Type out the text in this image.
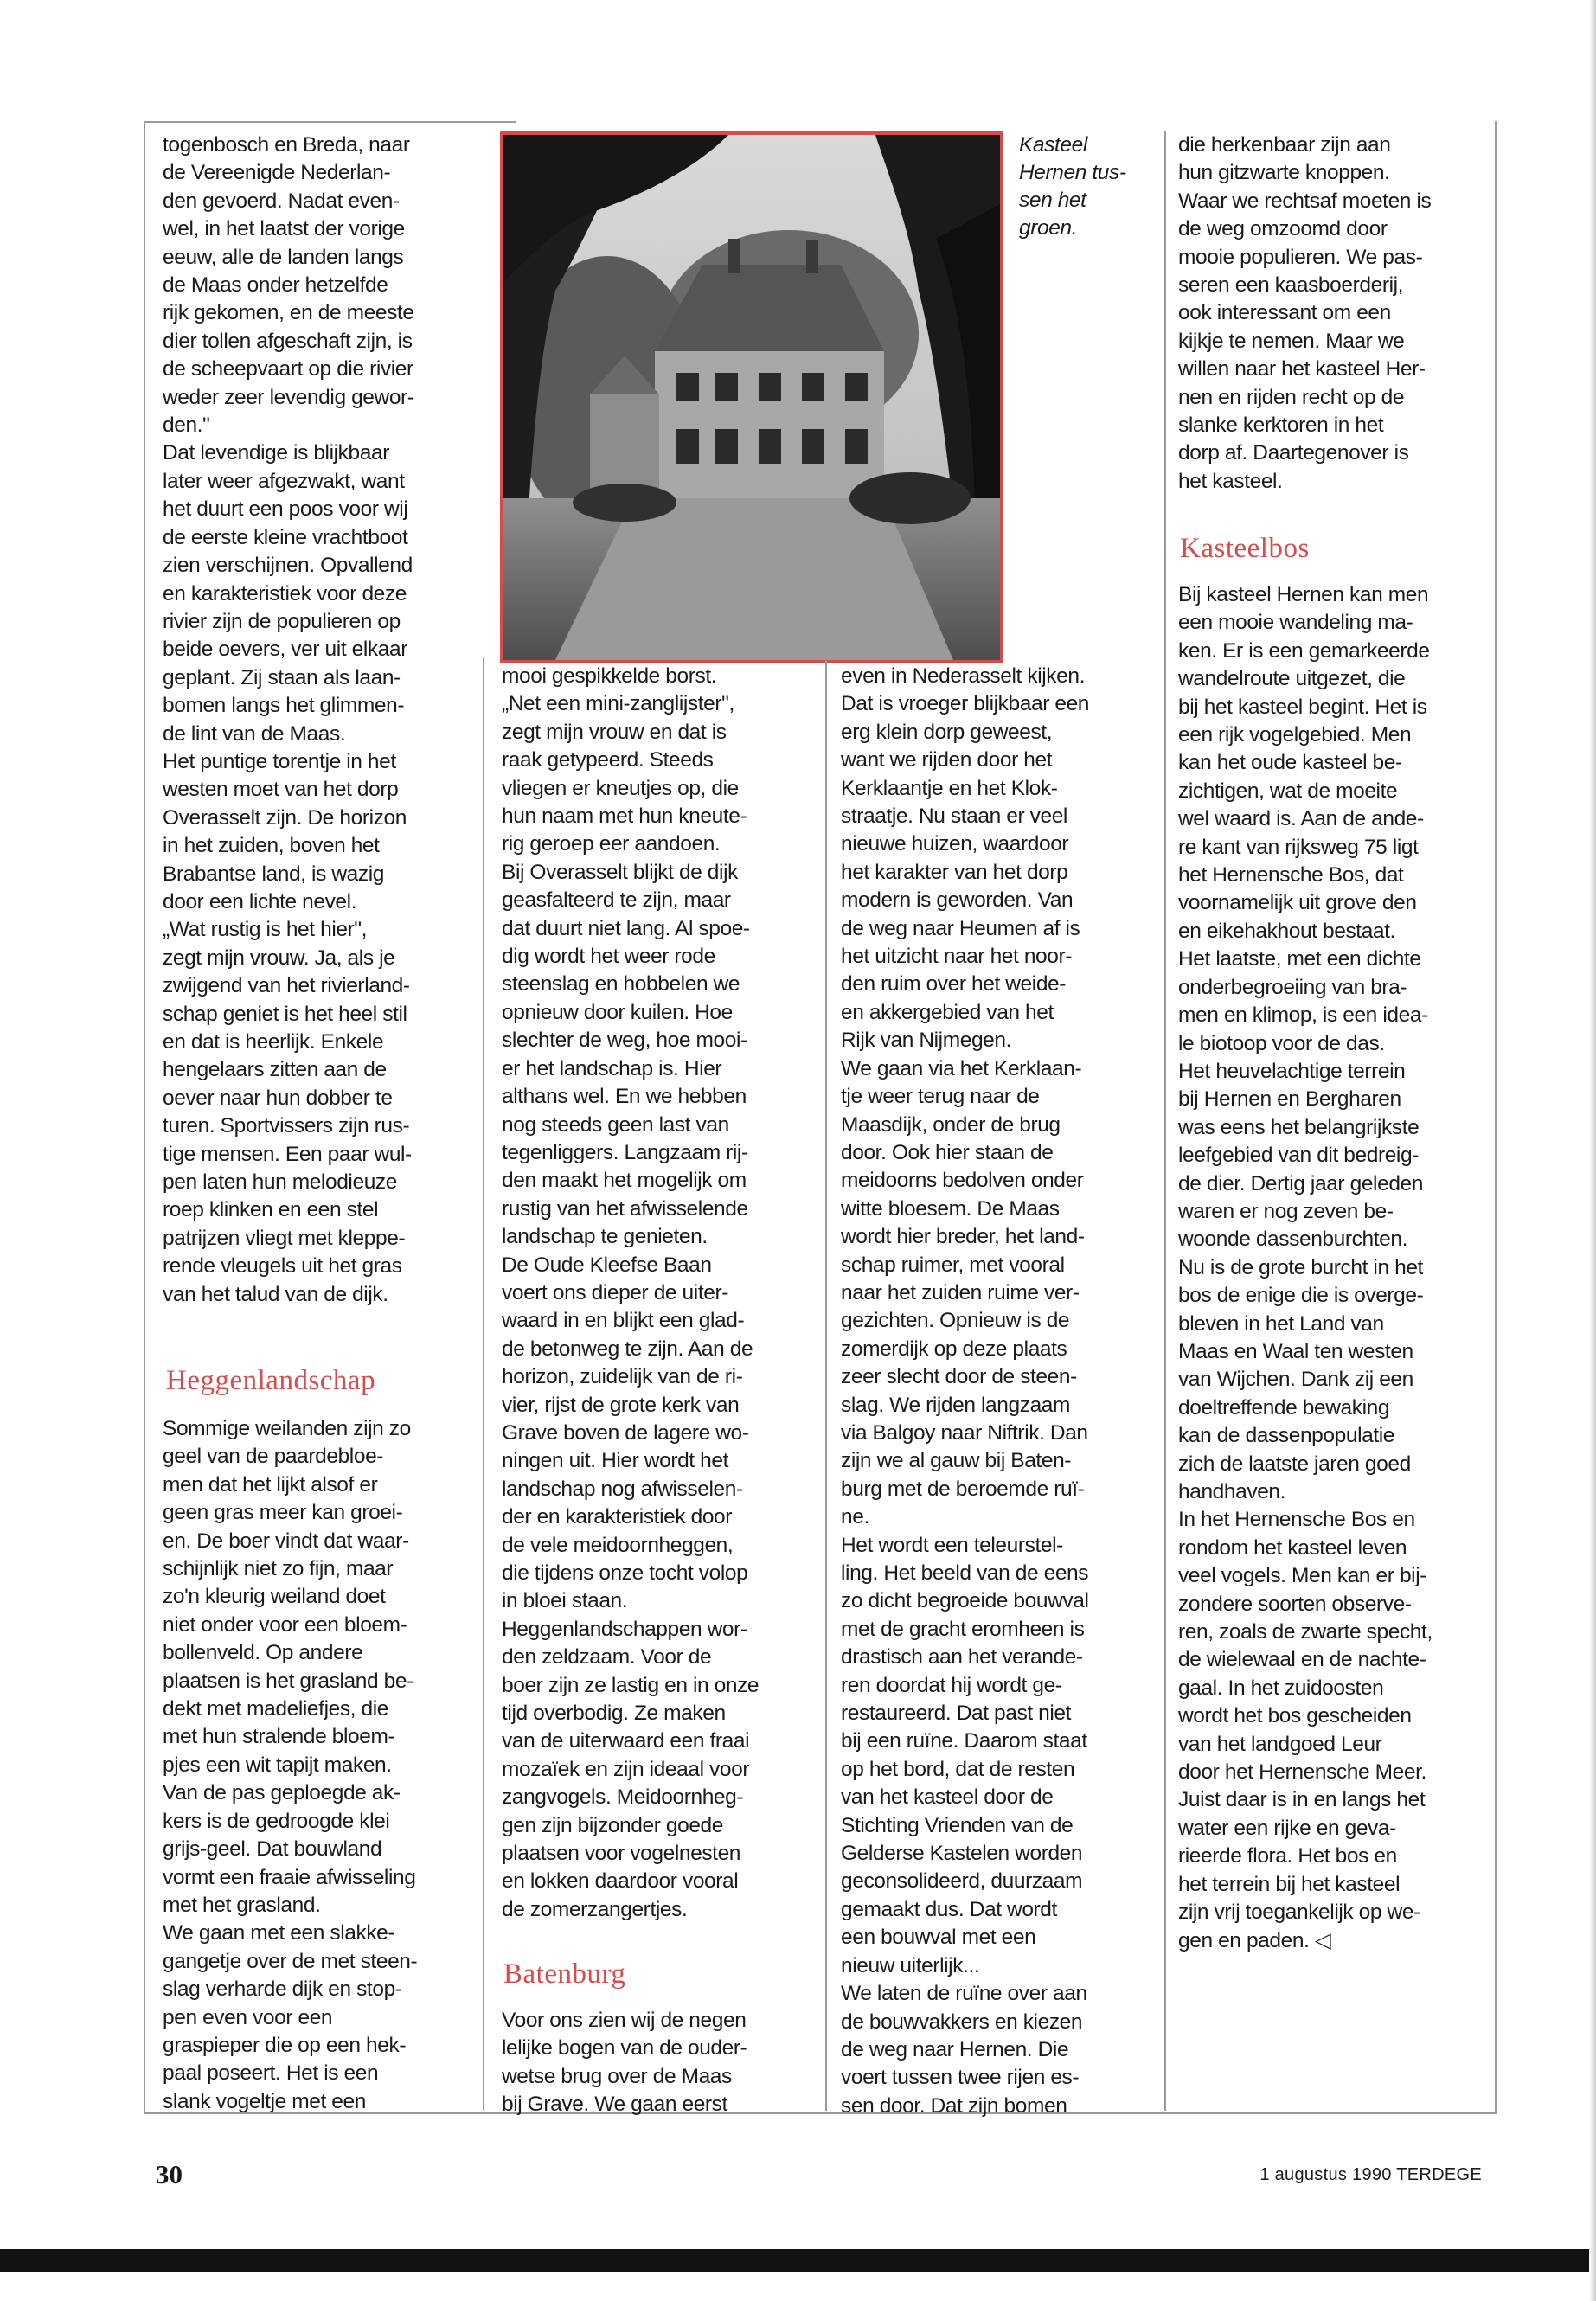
togenbosch en Breda, naar
de Vereenigde Nederlan-
den gevoerd. Nadat even-
wel, in het laatst der vorige
eeuw, alle de landen langs
de Maas onder hetzelfde
rijk gekomen, en de meeste
dier tollen afgeschaft zijn, is
de scheepvaart op die rivier
weder zeer levendig gewor-
den."
Dat levendige is blijkbaar
later weer afgezwakt, want
het duurt een poos voor wij
de eerste kleine vrachtboot
zien verschijnen. Opvallend
en karakteristiek voor deze
rivier zijn de populieren op
beide oevers, ver uit elkaar
geplant. Zij staan als laan-
bomen langs het glimmen-
de lint van de Maas.
Het puntige torentje in het
westen moet van het dorp
Overasselt zijn. De horizon
in het zuiden, boven het
Brabantse land, is wazig
door een lichte nevel.
„Wat rustig is het hier",
zegt mijn vrouw. Ja, als je
zwijgend van het rivierland-
schap geniet is het heel stil
en dat is heerlijk. Enkele
hengelaars zitten aan de
oever naar hun dobber te
turen. Sportvissers zijn rus-
tige mensen. Een paar wul-
pen laten hun melodieuze
roep klinken en een stel
patrijzen vliegt met kleppe-
rende vleugels uit het gras
van het talud van de dijk.
Heggenlandschap
Sommige weilanden zijn zo
geel van de paardebloe-
men dat het lijkt alsof er
geen gras meer kan groei-
en. De boer vindt dat waar-
schijnlijk niet zo fijn, maar
zo'n kleurig weiland doet
niet onder voor een bloem-
bollenveld. Op andere
plaatsen is het grasland be-
dekt met madeliefjes, die
met hun stralende bloem-
pjes een wit tapijt maken.
Van de pas geploegde ak-
kers is de gedroogde klei
grijs-geel. Dat bouwland
vormt een fraaie afwisseling
met het grasland.
We gaan met een slakke-
gangetje over de met steen-
slag verharde dijk en stop-
pen even voor een
graspieper die op een hek-
paal poseert. Het is een
slank vogeltje met een
Kasteel
Hernen tus-
sen het
groen.
mooi gespikkelde borst.
„Net een mini-zanglijster",
zegt mijn vrouw en dat is
raak getypeerd. Steeds
vliegen er kneutjes op, die
hun naam met hun kneute-
rig geroep eer aandoen.
Bij Overasselt blijkt de dijk
geasfalteerd te zijn, maar
dat duurt niet lang. Al spoe-
dig wordt het weer rode
steenslag en hobbelen we
opnieuw door kuilen. Hoe
slechter de weg, hoe mooi-
er het landschap is. Hier
althans wel. En we hebben
nog steeds geen last van
tegenliggers. Langzaam rij-
den maakt het mogelijk om
rustig van het afwisselende
landschap te genieten.
De Oude Kleefse Baan
voert ons dieper de uiter-
waard in en blijkt een glad-
de betonweg te zijn. Aan de
horizon, zuidelijk van de ri-
vier, rijst de grote kerk van
Grave boven de lagere wo-
ningen uit. Hier wordt het
landschap nog afwisselen-
der en karakteristiek door
de vele meidoornheggen,
die tijdens onze tocht volop
in bloei staan.
Heggenlandschappen wor-
den zeldzaam. Voor de
boer zijn ze lastig en in onze
tijd overbodig. Ze maken
van de uiterwaard een fraai
mozaïek en zijn ideaal voor
zangvogels. Meidoornheg-
gen zijn bijzonder goede
plaatsen voor vogelnesten
en lokken daardoor vooral
de zomerzangertjes.
Batenburg
Voor ons zien wij de negen
lelijke bogen van de ouder-
wetse brug over de Maas
bij Grave. We gaan eerst
even in Nederasselt kijken.
Dat is vroeger blijkbaar een
erg klein dorp geweest,
want we rijden door het
Kerklaantje en het Klok-
straatje. Nu staan er veel
nieuwe huizen, waardoor
het karakter van het dorp
modern is geworden. Van
de weg naar Heumen af is
het uitzicht naar het noor-
den ruim over het weide-
en akkergebied van het
Rijk van Nijmegen.
We gaan via het Kerklaan-
tje weer terug naar de
Maasdijk, onder de brug
door. Ook hier staan de
meidoorns bedolven onder
witte bloesem. De Maas
wordt hier breder, het land-
schap ruimer, met vooral
naar het zuiden ruime ver-
gezichten. Opnieuw is de
zomerdijk op deze plaats
zeer slecht door de steen-
slag. We rijden langzaam
via Balgoy naar Niftrik. Dan
zijn we al gauw bij Baten-
burg met de beroemde ruï-
ne.
Het wordt een teleurstel-
ling. Het beeld van de eens
zo dicht begroeide bouwval
met de gracht eromheen is
drastisch aan het verande-
ren doordat hij wordt ge-
restaureerd. Dat past niet
bij een ruïne. Daarom staat
op het bord, dat de resten
van het kasteel door de
Stichting Vrienden van de
Gelderse Kastelen worden
geconsolideerd, duurzaam
gemaakt dus. Dat wordt
een bouwval met een
nieuw uiterlijk...
We laten de ruïne over aan
de bouwvakkers en kiezen
de weg naar Hernen. Die
voert tussen twee rijen es-
sen door. Dat zijn bomen
die herkenbaar zijn aan
hun gitzwarte knoppen.
Waar we rechtsaf moeten is
de weg omzoomd door
mooie populieren. We pas-
seren een kaasboerderij,
ook interessant om een
kijkje te nemen. Maar we
willen naar het kasteel Her-
nen en rijden recht op de
slanke kerktoren in het
dorp af. Daartegenover is
het kasteel.
Kasteelbos
Bij kasteel Hernen kan men
een mooie wandeling ma-
ken. Er is een gemarkeerde
wandelroute uitgezet, die
bij het kasteel begint. Het is
een rijk vogelgebied. Men
kan het oude kasteel be-
zichtigen, wat de moeite
wel waard is. Aan de ande-
re kant van rijksweg 75 ligt
het Hernensche Bos, dat
voornamelijk uit grove den
en eikehakhout bestaat.
Het laatste, met een dichte
onderbegroeiing van bra-
men en klimop, is een idea-
le biotoop voor de das.
Het heuvelachtige terrein
bij Hernen en Bergharen
was eens het belangrijkste
leefgebied van dit bedreig-
de dier. Dertig jaar geleden
waren er nog zeven be-
woonde dassenburchten.
Nu is de grote burcht in het
bos de enige die is overge-
bleven in het Land van
Maas en Waal ten westen
van Wijchen. Dank zij een
doeltreffende bewaking
kan de dassenpopulatie
zich de laatste jaren goed
handhaven.
In het Hernensche Bos en
rondom het kasteel leven
veel vogels. Men kan er bij-
zondere soorten observe-
ren, zoals de zwarte specht,
de wielewaal en de nachte-
gaal. In het zuidoosten
wordt het bos gescheiden
van het landgoed Leur
door het Hernensche Meer.
Juist daar is in en langs het
water een rijke en geva-
rieerde flora. Het bos en
het terrein bij het kasteel
zijn vrij toegankelijk op we-
gen en paden. ◁
30	1 augustus 1990 TERDEGE
